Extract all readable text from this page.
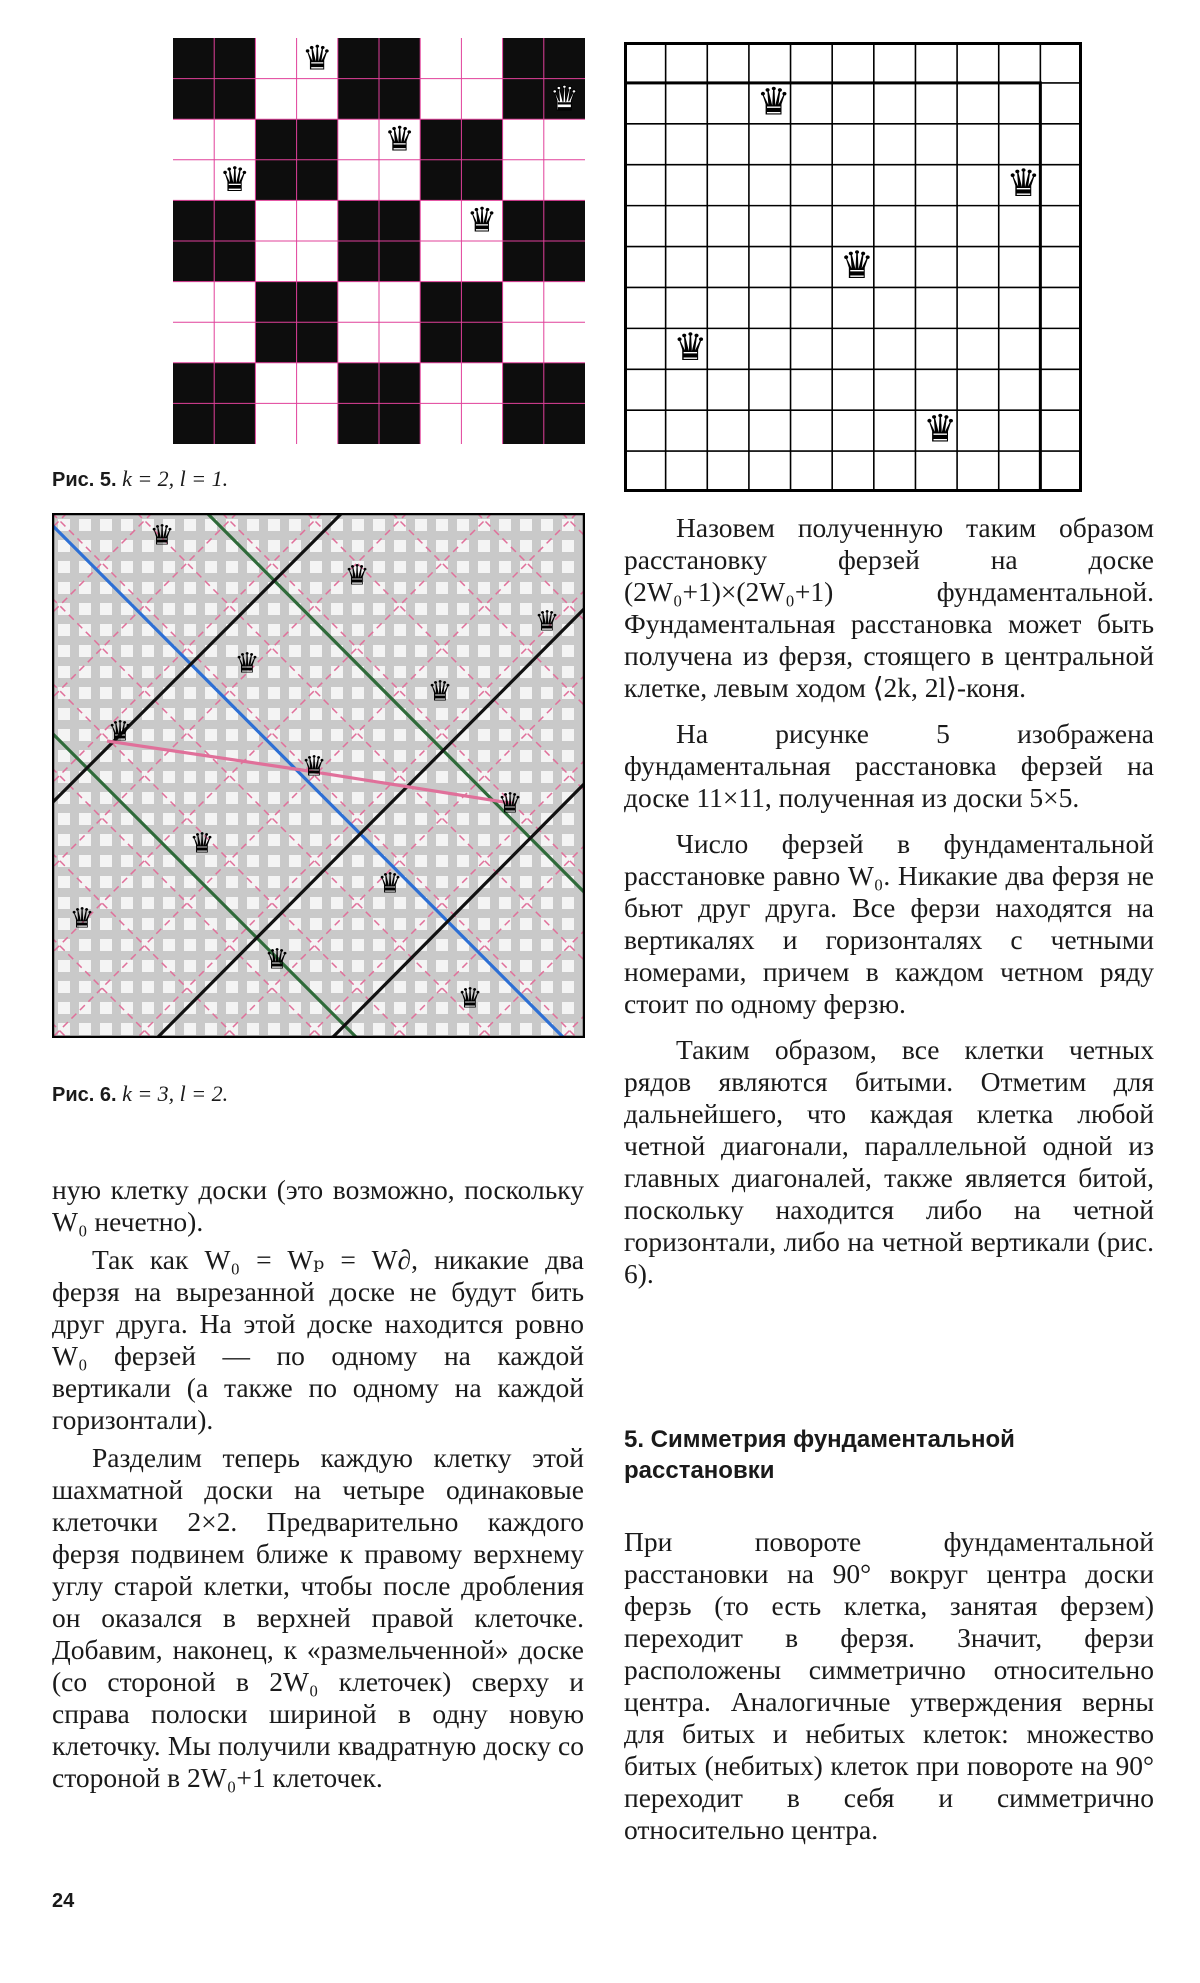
♛
♛
♛
♛
♛
Рис. 5. k = 2, l = 1.
♛
♛
♛
♛
♛
♛
♛
♛
♛
♛
♛
♛
♛
♛
♛
♛
♛
♛
Рис. 6. k = 3, l = 2.

ную клетку доски (это возможно, поскольку W₀ нечетно).

Так как W₀ = Wₚ = W∂, никакие два ферзя на вырезанной доске не будут бить друг друга. На этой доске находится ровно W₀ ферзей — по одному на каждой вертикали (а также по одному на каждой горизонтали).

Разделим теперь каждую клетку этой шахматной доски на четыре одинаковые клеточки 2×2. Предварительно каждого ферзя подвинем ближе к правому верхнему углу старой клетки, чтобы после дробления он оказался в верхней правой клеточке. Добавим, наконец, к «размельченной» доске (со стороной в 2W₀ клеточек) сверху и справа полоски шириной в одну новую клеточку. Мы получили квадратную доску со стороной в 2W₀+1 клеточек.

Назовем полученную таким образом расстановку ферзей на доске (2W₀+1)×(2W₀+1) фундаментальной. Фундаментальная расстановка может быть получена из ферзя, стоящего в центральной клетке, левым ходом ⟨2k, 2l⟩-коня.

На рисунке 5 изображена фундаментальная расстановка ферзей на доске 11×11, полученная из доски 5×5.

Число ферзей в фундаментальной расстановке равно W₀. Никакие два ферзя не бьют друг друга. Все ферзи находятся на вертикалях и горизонталях с четными номерами, причем в каждом четном ряду стоит по одному ферзю.

Таким образом, все клетки четных рядов являются битыми. Отметим для дальнейшего, что каждая клетка любой четной диагонали, параллельной одной из главных диагоналей, также является битой, поскольку находится либо на четной горизонтали, либо на четной вертикали (рис. 6).

5. Симметрия фундаментальной расстановки

При повороте фундаментальной расстановки на 90° вокруг центра доски ферзь (то есть клетка, занятая ферзем) переходит в ферзя. Значит, ферзи расположены симметрично относительно центра. Аналогичные утверждения верны для битых и небитых клеток: множество битых (небитых) клеток при повороте на 90° переходит в себя и симметрично относительно центра.

24
